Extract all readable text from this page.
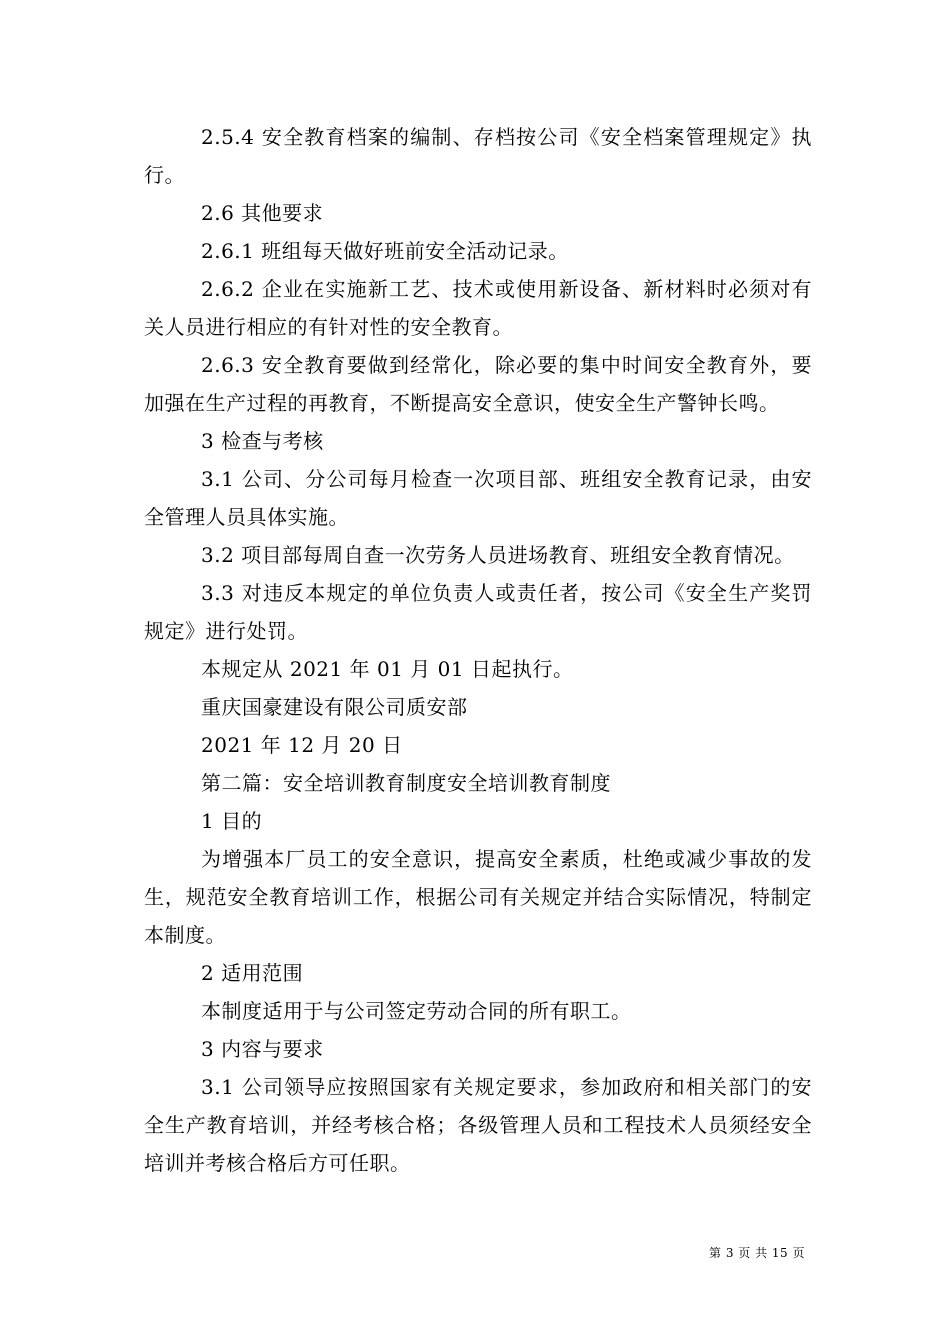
2.5.4 安全教育档案的编制、存档按公司《安全档案管理规定》执行。

2.6 其他要求

2.6.1 班组每天做好班前安全活动记录。

2.6.2 企业在实施新工艺、技术或使用新设备、新材料时必须对有关人员进行相应的有针对性的安全教育。

2.6.3 安全教育要做到经常化，除必要的集中时间安全教育外，要加强在生产过程的再教育，不断提高安全意识，使安全生产警钟长鸣。

3 检查与考核

3.1 公司、分公司每月检查一次项目部、班组安全教育记录，由安全管理人员具体实施。

3.2 项目部每周自查一次劳务人员进场教育、班组安全教育情况。

3.3 对违反本规定的单位负责人或责任者，按公司《安全生产奖罚规定》进行处罚。

本规定从 2021 年 01 月 01 日起执行。

重庆国豪建设有限公司质安部

2021 年 12 月 20 日

第二篇：安全培训教育制度安全培训教育制度

1 目的

为增强本厂员工的安全意识，提高安全素质，杜绝或减少事故的发生，规范安全教育培训工作，根据公司有关规定并结合实际情况，特制定本制度。

2 适用范围

本制度适用于与公司签定劳动合同的所有职工。

3 内容与要求

3.1 公司领导应按照国家有关规定要求，参加政府和相关部门的安全生产教育培训，并经考核合格；各级管理人员和工程技术人员须经安全培训并考核合格后方可任职。

第 3 页 共 15 页
